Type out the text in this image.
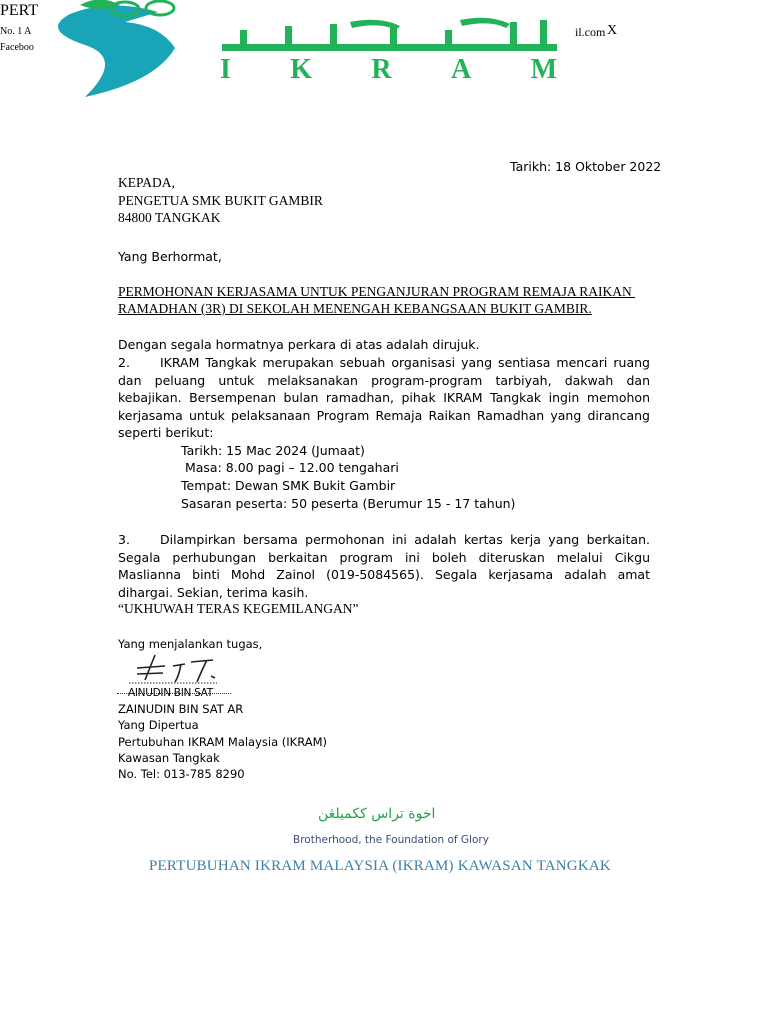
PERT
No. 1 A
Faceboo
il.com X
IKRAM
Tarikh: 18 Oktober 2022
KEPADA,
PENGETUA SMK BUKIT GAMBIR
84800 TANGKAK
Yang Berhormat,
PERMOHONAN KERJASAMA UNTUK PENGANJURAN PROGRAM REMAJA RAIKAN
RAMADHAN (3R) DI SEKOLAH MENENGAH KEBANGSAAN BUKIT GAMBIR.
Dengan segala hormatnya perkara di atas adalah dirujuk.
2. IKRAM Tangkak merupakan sebuah organisasi yang sentiasa mencari ruang dan peluang untuk melaksanakan program-program tarbiyah, dakwah dan kebajikan. Bersempenan bulan ramadhan, pihak IKRAM Tangkak ingin memohon kerjasama untuk pelaksanaan Program Remaja Raikan Ramadhan yang dirancang seperti berikut:
Tarikh: 15 Mac 2024 (Jumaat)
Masa: 8.00 pagi – 12.00 tengahari
Tempat: Dewan SMK Bukit Gambir
Sasaran peserta: 50 peserta (Berumur 15 - 17 tahun)
3. Dilampirkan bersama permohonan ini adalah kertas kerja yang berkaitan. Segala perhubungan berkaitan program ini boleh diteruskan melalui Cikgu Maslianna binti Mohd Zainol (019-5084565). Segala kerjasama adalah amat dihargai. Sekian, terima kasih.
“UKHUWAH TERAS KEGEMILANGAN”
Yang menjalankan tugas,
AINUDIN BIN SAT
ZAINUDIN BIN SAT AR
Yang Dipertua
Pertubuhan IKRAM Malaysia (IKRAM)
Kawasan Tangkak
No. Tel: 013-785 8290
اخوة تراس ككميلڠن
Brotherhood, the Foundation of Glory
PERTUBUHAN IKRAM MALAYSIA (IKRAM) KAWASAN TANGKAK
